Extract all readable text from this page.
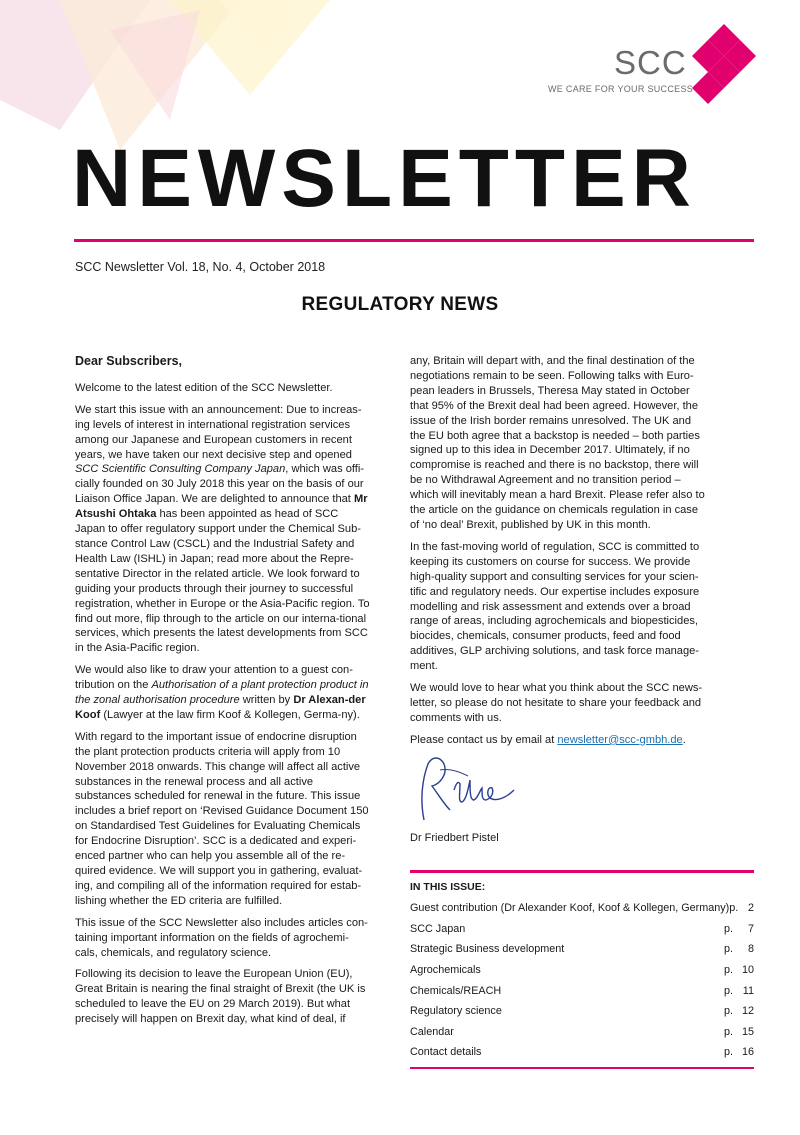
SCC
WE CARE FOR YOUR SUCCESS
NEWSLETTER
SCC Newsletter Vol. 18, No. 4, October 2018
REGULATORY NEWS

Dear Subscribers,

Welcome to the latest edition of the SCC Newsletter.

We start this issue with an announcement: Due to increas-ing levels of interest in international registration services among our Japanese and European customers in recent years, we have taken our next decisive step and opened SCC Scientific Consulting Company Japan, which was offi-cially founded on 30 July 2018 this year on the basis of our Liaison Office Japan. We are delighted to announce that Mr Atsushi Ohtaka has been appointed as head of SCC Japan to offer regulatory support under the Chemical Sub-stance Control Law (CSCL) and the Industrial Safety and Health Law (ISHL) in Japan; read more about the Repre-sentative Director in the related article. We look forward to guiding your products through their journey to successful registration, whether in Europe or the Asia-Pacific region. To find out more, flip through to the article on our interna-tional services, which presents the latest developments from SCC in the Asia-Pacific region.

We would also like to draw your attention to a guest con-tribution on the Authorisation of a plant protection product in the zonal authorisation procedure written by Dr Alexan-der Koof (Lawyer at the law firm Koof & Kollegen, Germa-ny).

With regard to the important issue of endocrine disruption the plant protection products criteria will apply from 10 November 2018 onwards. This change will affect all active substances in the renewal process and all active substances scheduled for renewal in the future. This issue includes a brief report on ‘Revised Guidance Document 150 on Standardised Test Guidelines for Evaluating Chemicals for Endocrine Disruption’. SCC is a dedicated and experi-enced partner who can help you assemble all of the re-quired evidence. We will support you in gathering, evaluat-ing, and compiling all of the information required for estab-lishing whether the ED criteria are fulfilled.

This issue of the SCC Newsletter also includes articles con-taining important information on the fields of agrochemi-cals, chemicals, and regulatory science.

Following its decision to leave the European Union (EU), Great Britain is nearing the final straight of Brexit (the UK is scheduled to leave the EU on 29 March 2019). But what precisely will happen on Brexit day, what kind of deal, if

any, Britain will depart with, and the final destination of the negotiations remain to be seen. Following talks with Euro-pean leaders in Brussels, Theresa May stated in October that 95% of the Brexit deal had been agreed. However, the issue of the Irish border remains unresolved. The UK and the EU both agree that a backstop is needed – both parties signed up to this idea in December 2017. Ultimately, if no compromise is reached and there is no backstop, there will be no Withdrawal Agreement and no transition period – which will inevitably mean a hard Brexit. Please refer also to the article on the guidance on chemicals regulation in case of ‘no deal’ Brexit, published by UK in this month.

In the fast-moving world of regulation, SCC is committed to keeping its customers on course for success. We provide high-quality support and consulting services for your scien-tific and regulatory needs. Our expertise includes exposure modelling and risk assessment and extends over a broad range of areas, including agrochemicals and biopesticides, biocides, chemicals, consumer products, feed and food additives, GLP archiving solutions, and task force manage-ment.

We would love to hear what you think about the SCC news-letter, so please do not hesitate to share your feedback and comments with us.

Please contact us by email at newsletter@scc-gmbh.de.

Dr Friedbert Pistel
IN THIS ISSUE:
Guest contribution (Dr Alexander Koof, Koof & Kollegen, Germany) p. 2
SCC Japan	p.	7
Strategic Business development	p.	8
Agrochemicals	p. 10
Chemicals/REACH	p. 11
Regulatory science	p. 12
Calendar	p. 15
Contact details	p. 16
